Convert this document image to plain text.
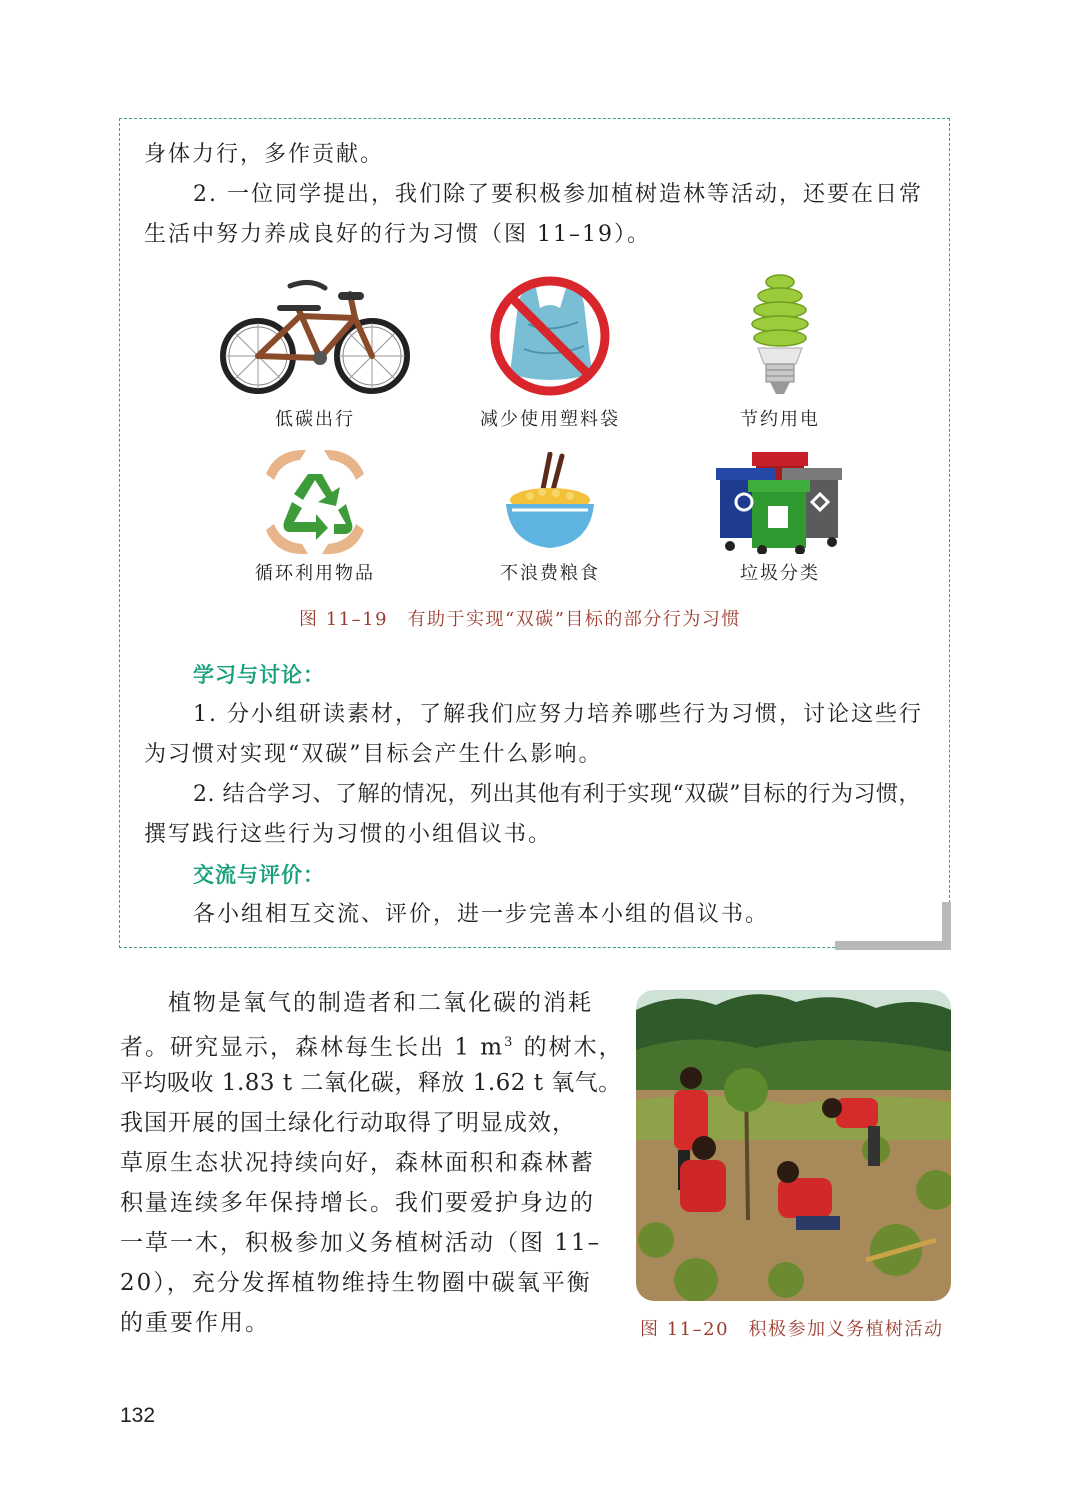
身体力行，多作贡献。
2. 一位同学提出，我们除了要积极参加植树造林等活动，还要在日常
生活中努力养成良好的行为习惯（图 11–19）。
低碳出行	减少使用塑料袋	节约用电
循环利用物品	不浪费粮食	垃圾分类
图 11–19　有助于实现“双碳”目标的部分行为习惯
学习与讨论：
1. 分小组研读素材，了解我们应努力培养哪些行为习惯，讨论这些行
为习惯对实现“双碳”目标会产生什么影响。
2. 结合学习、了解的情况，列出其他有利于实现“双碳”目标的行为习惯，
撰写践行这些行为习惯的小组倡议书。
交流与评价：
各小组相互交流、评价，进一步完善本小组的倡议书。
植物是氧气的制造者和二氧化碳的消耗
者。研究显示，森林每生长出 1 $m^3$ 的树木，
平均吸收 1.83 t 二氧化碳，释放 1.62 t 氧气。
我国开展的国土绿化行动取得了明显成效，
草原生态状况持续向好，森林面积和森林蓄
积量连续多年保持增长。我们要爱护身边的
一草一木，积极参加义务植树活动（图 11–
20），充分发挥植物维持生物圈中碳氧平衡
的重要作用。	图 11–20　积极参加义务植树活动
132
